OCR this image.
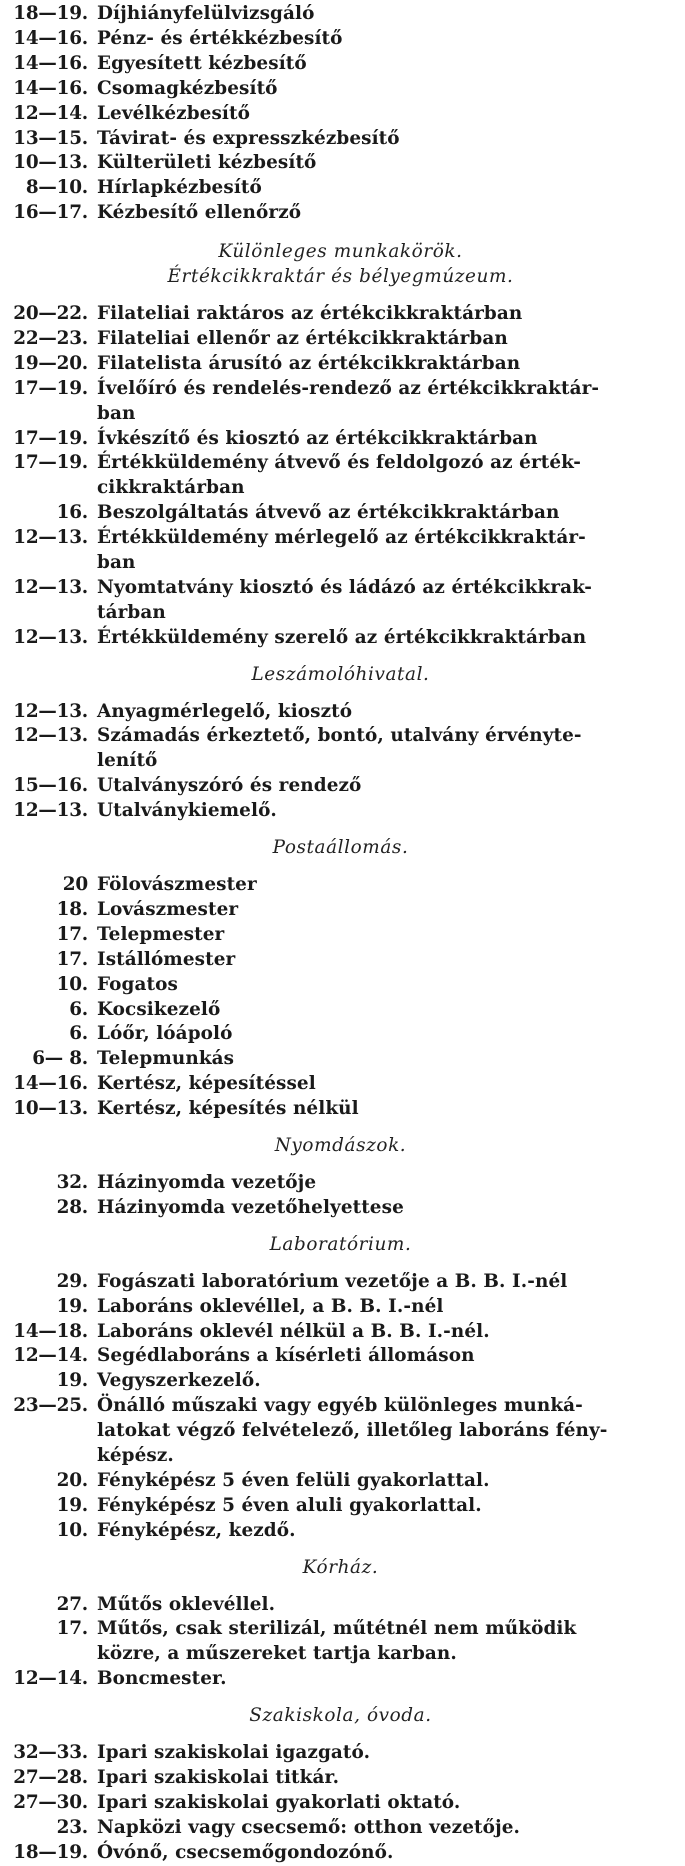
18—19. Díjhiányfelülvizsgáló
14—16. Pénz- és értékkézbesítő
14—16. Egyesített kézbesítő
14—16. Csomagkézbesítő
12—14. Levélkézbesítő
13—15. Távirat- és expresszkézbesítő
10—13. Külterületi kézbesítő
8—10. Hírlapkézbesítő
16—17. Kézbesítő ellenőrző
Különleges munkakörök.
Értékcikkraktár és bélyegmúzeum.
20—22. Filateliai raktáros az értékcikkraktárban
22—23. Filateliai ellenőr az értékcikkraktárban
19—20. Filatelista árusító az értékcikkraktárban
17—19. Ívelőíró és rendelés-rendező az értékcikkraktár-
ban
17—19. Ívkészítő és kiosztó az értékcikkraktárban
17—19. Értékküldemény átvevő és feldolgozó az érték-
cikkraktárban
16. Beszolgáltatás átvevő az értékcikkraktárban
12—13. Értékküldemény mérlegelő az értékcikkraktár-
ban
12—13. Nyomtatvány kiosztó és ládázó az értékcikkrak-
tárban
12—13. Értékküldemény szerelő az értékcikkraktárban
Leszámolóhivatal.
12—13. Anyagmérlegelő, kiosztó
12—13. Számadás érkeztető, bontó, utalvány érvényte-
lenítő
15—16. Utalványszóró és rendező
12—13. Utalványkiemelő.
Postaállomás.
20 Fölovászmester
18. Lovászmester
17. Telepmester
17. Istállómester
10. Fogatos
6. Kocsikezelő
6. Lóőr, lóápoló
6— 8. Telepmunkás
14—16. Kertész, képesítéssel
10—13. Kertész, képesítés nélkül
Nyomdászok.
32. Házinyomda vezetője
28. Házinyomda vezetőhelyettese
Laboratórium.
29. Fogászati laboratórium vezetője a B. B. I.-nél
19. Laboráns oklevéllel, a B. B. I.-nél
14—18. Laboráns oklevél nélkül a B. B. I.-nél.
12—14. Segédlaboráns a kísérleti állomáson
19. Vegyszerkezelő.
23—25. Önálló műszaki vagy egyéb különleges munká-
latokat végző felvételező, illetőleg laboráns fény-
képész.
20. Fényképész 5 éven felüli gyakorlattal.
19. Fényképész 5 éven aluli gyakorlattal.
10. Fényképész, kezdő.
Kórház.
27. Műtős oklevéllel.
17. Műtős, csak sterilizál, műtétnél nem működik
közre, a műszereket tartja karban.
12—14. Boncmester.
Szakiskola, óvoda.
32—33. Ipari szakiskolai igazgató.
27—28. Ipari szakiskolai titkár.
27—30. Ipari szakiskolai gyakorlati oktató.
23. Napközi vagy csecsemő: otthon vezetője.
18—19. Óvónő, csecsemőgondozónő.
